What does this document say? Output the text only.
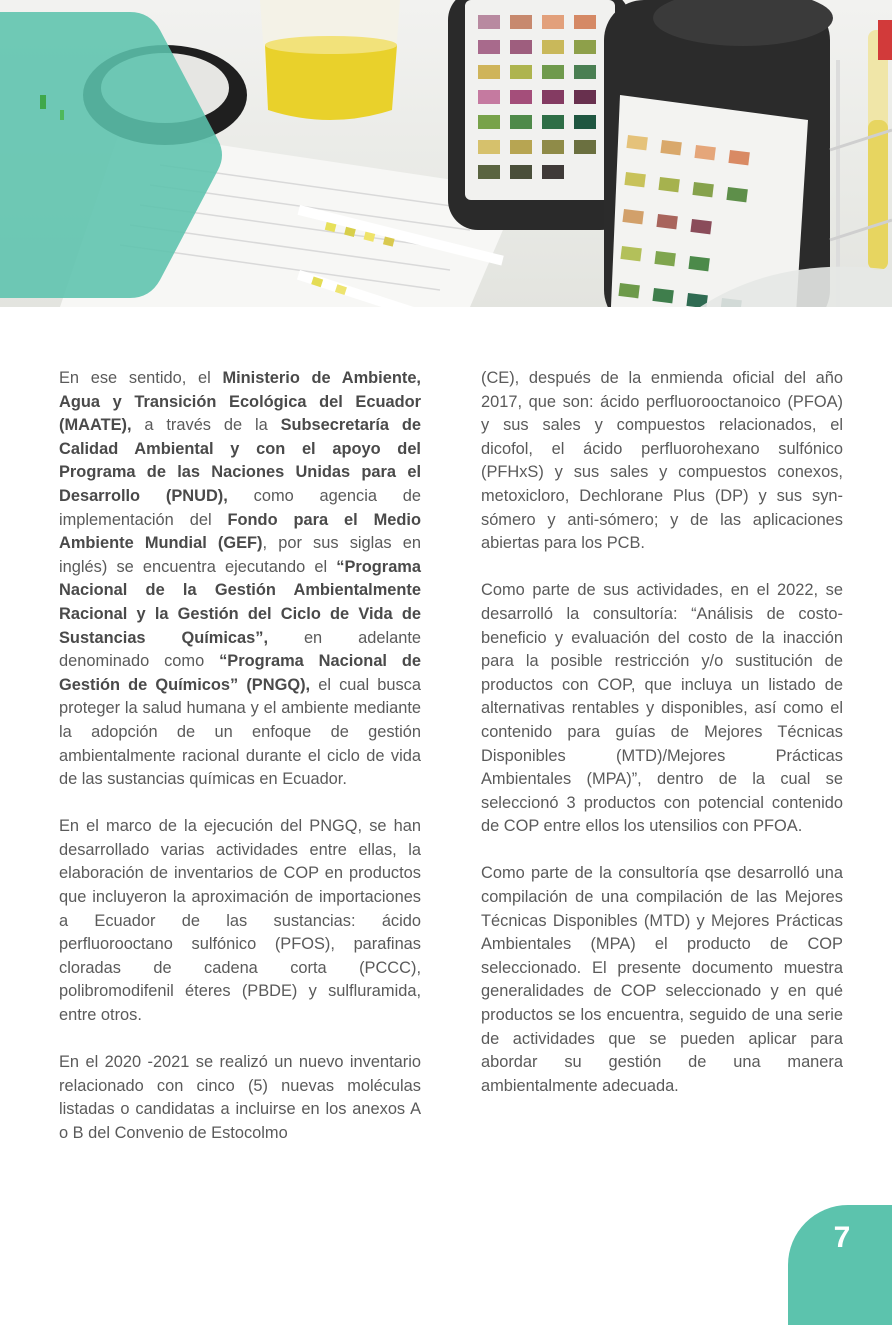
En ese sentido, el Ministerio de Ambiente, Agua y Transición Ecológica del Ecuador (MAATE), a través de la Subsecretaría de Calidad Ambiental y con el apoyo del Programa de las Naciones Unidas para el Desarrollo (PNUD), como agencia de implementación del Fondo para el Medio Ambiente Mundial (GEF), por sus siglas en inglés) se encuentra ejecutando el “Programa Nacional de la Gestión Ambientalmente Racional y la Gestión del Ciclo de Vida de Sustancias Químicas”, en adelante denominado como “Programa Nacional de Gestión de Químicos” (PNGQ), el cual busca proteger la salud humana y el ambiente mediante la adopción de un enfoque de gestión ambientalmente racional durante el ciclo de vida de las sustancias químicas en Ecuador.

En el marco de la ejecución del PNGQ, se han desarrollado varias actividades entre ellas, la elaboración de inventarios de COP en productos que incluyeron la aproximación de importaciones a Ecuador de las sustancias: ácido perfluorooctano sulfónico (PFOS), parafinas cloradas de cadena corta (PCCC), polibromodifenil éteres (PBDE) y sulfluramida, entre otros.

En el 2020 -2021 se realizó un nuevo inventario relacionado con cinco (5) nuevas moléculas listadas o candidatas a incluirse en los anexos A o B del Convenio de Estocolmo

(CE), después de la enmienda oficial del año 2017, que son: ácido perfluorooctanoico (PFOA) y sus sales y compuestos relacionados, el dicofol, el ácido perfluorohexano sulfónico (PFHxS) y sus sales y compuestos conexos, metoxicloro, Dechlorane Plus (DP) y sus syn-sómero y anti-sómero; y de las aplicaciones abiertas para los PCB.

Como parte de sus actividades, en el 2022, se desarrolló la consultoría: “Análisis de costo-beneficio y evaluación del costo de la inacción para la posible restricción y/o sustitución de productos con COP, que incluya un listado de alternativas rentables y disponibles, así como el contenido para guías de Mejores Técnicas Disponibles (MTD)/Mejores Prácticas Ambientales (MPA)”, dentro de la cual se seleccionó 3 productos con potencial contenido de COP entre ellos los utensilios con PFOA.

Como parte de la consultoría qse desarrolló una compilación de una compilación de las Mejores Técnicas Disponibles (MTD) y Mejores Prácticas Ambientales (MPA) el producto de COP seleccionado. El presente documento muestra generalidades de COP seleccionado y en qué productos se los encuentra, seguido de una serie de actividades que se pueden aplicar para abordar su gestión de una manera ambientalmente adecuada.

7
